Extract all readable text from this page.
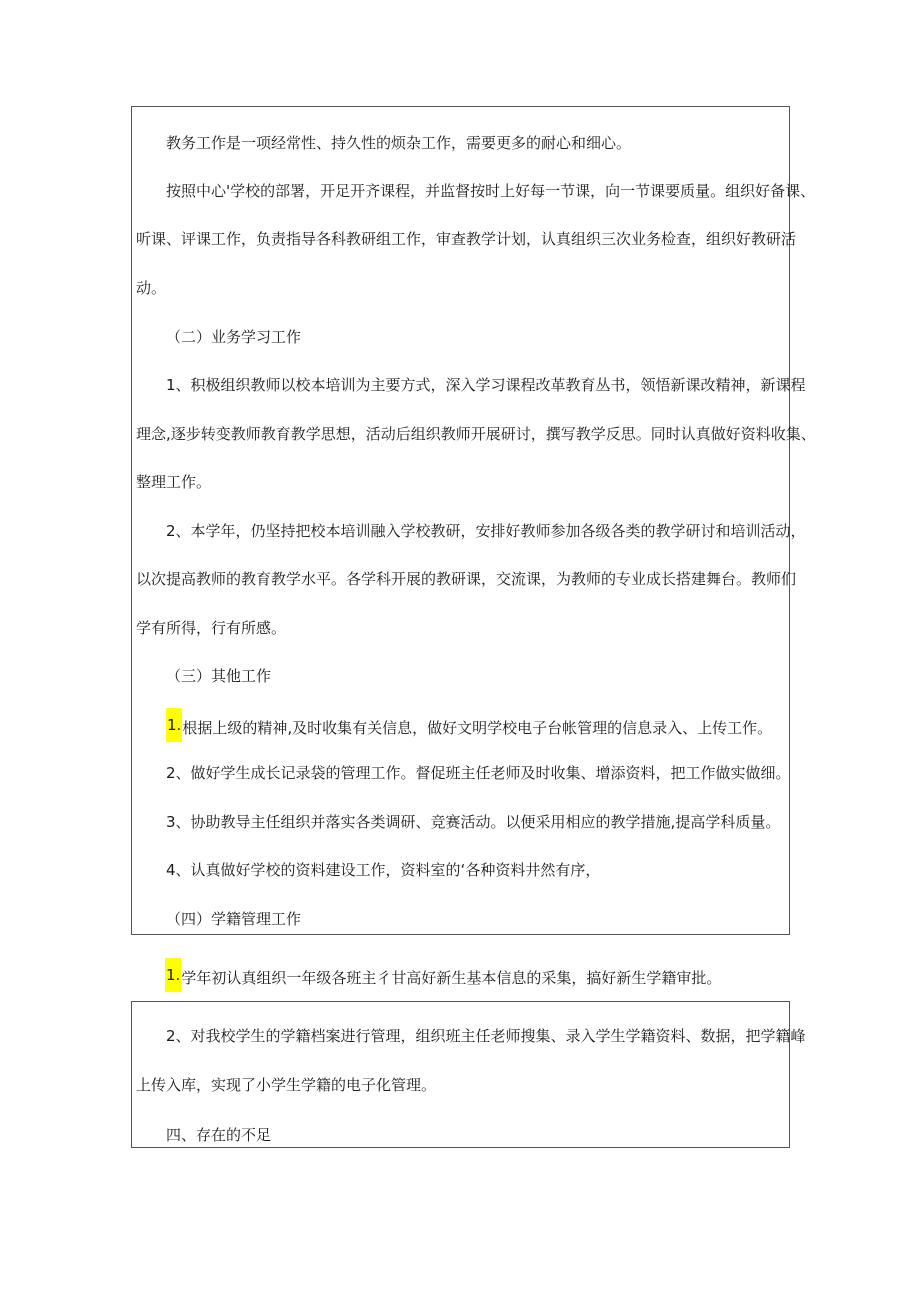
教务工作是一项经常性、持久性的烦杂工作，需要更多的耐心和细心。
按照中心'学校的部署，开足开齐课程，并监督按时上好每一节课，向一节课要质量。组织好备课、
听课、评课工作，负责指导各科教研组工作，审查教学计划，认真组织三次业务检查，组织好教研活
动。
（二）业务学习工作
1、积极组织教师以校本培训为主要方式，深入学习课程改革教育丛书，领悟新课改精神，新课程
理念,逐步转变教师教育教学思想，活动后组织教师开展研讨，撰写教学反思。同时认真做好资料收集、
整理工作。
2、本学年，仍坚持把校本培训融入学校教研，安排好教师参加各级各类的教学研讨和培训活动，
以次提高教师的教育教学水平。各学科开展的教研课，交流课，为教师的专业成长搭建舞台。教师们
学有所得，行有所感。
（三）其他工作
1.根据上级的精神,及时收集有关信息，做好文明学校电子台帐管理的信息录入、上传工作。
2、做好学生成长记录袋的管理工作。督促班主任老师及时收集、增添资料，把工作做实做细。
3、协助教导主任组织并落实各类调研、竞赛活动。以便采用相应的教学措施,提高学科质量。
4、认真做好学校的资料建设工作，资料室的‘各种资料井然有序，
（四）学籍管理工作
1.学年初认真组织一年级各班主彳甘高好新生基本信息的采集，搞好新生学籍审批。
2、对我校学生的学籍档案进行管理，组织班主任老师搜集、录入学生学籍资料、数据，把学籍峰
上传入库，实现了小学生学籍的电子化管理。
四、存在的不足
